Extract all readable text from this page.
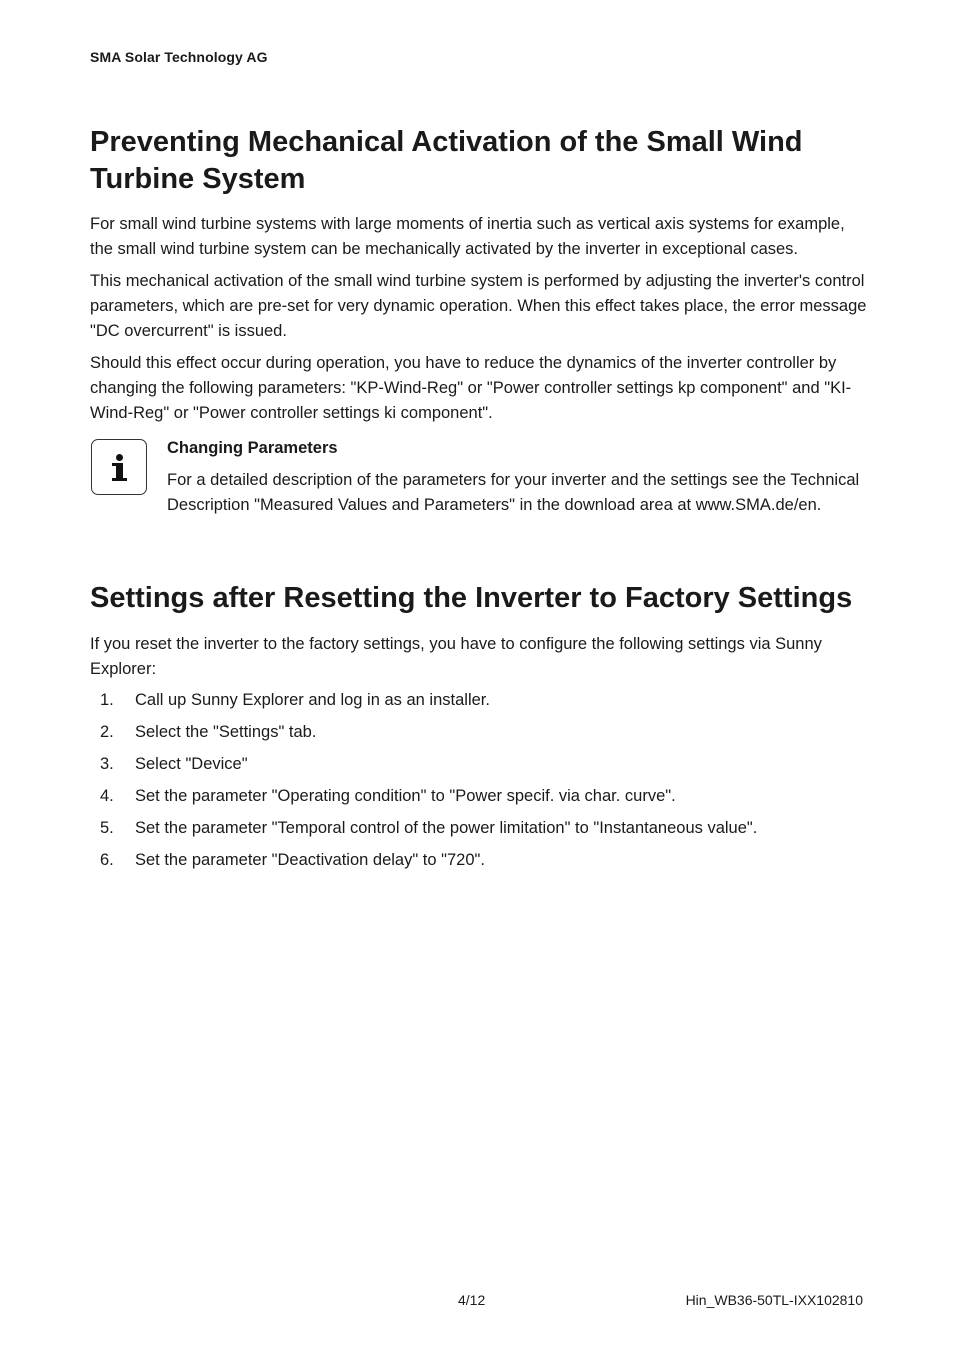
SMA Solar Technology AG
Preventing Mechanical Activation of the Small Wind Turbine System

For small wind turbine systems with large moments of inertia such as vertical axis systems for example, the small wind turbine system can be mechanically activated by the inverter in exceptional cases.

This mechanical activation of the small wind turbine system is performed by adjusting the inverter's control parameters, which are pre-set for very dynamic operation. When this effect takes place, the error message "DC overcurrent" is issued.

Should this effect occur during operation, you have to reduce the dynamics of the inverter controller by changing the following parameters: "KP-Wind-Reg" or "Power controller settings kp component" and "KI-Wind-Reg" or "Power controller settings ki component".

Changing Parameters

For a detailed description of the parameters for your inverter and the settings see the Technical Description "Measured Values and Parameters" in the download area at www.SMA.de/en.

Settings after Resetting the Inverter to Factory Settings

If you reset the inverter to the factory settings, you have to configure the following settings via Sunny Explorer:

1. Call up Sunny Explorer and log in as an installer.
2. Select the "Settings" tab.
3. Select "Device"
4. Set the parameter "Operating condition" to "Power specif. via char. curve".
5. Set the parameter "Temporal control of the power limitation" to "Instantaneous value".
6. Set the parameter "Deactivation delay" to "720".
4/12	Hin_WB36-50TL-IXX102810
